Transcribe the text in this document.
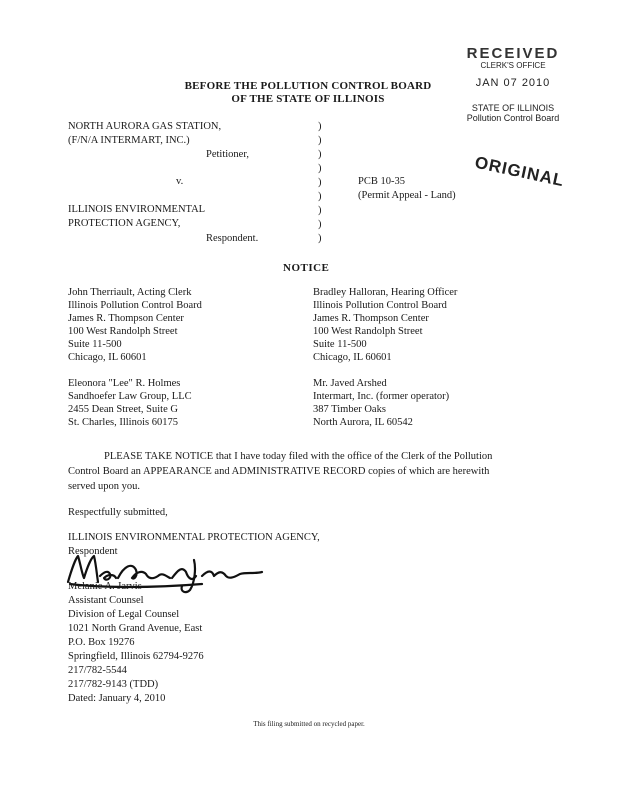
RECEIVED
CLERK'S OFFICE
JAN 07 2010
STATE OF ILLINOIS
Pollution Control Board
ORIGINAL
BEFORE THE POLLUTION CONTROL BOARD
OF THE STATE OF ILLINOIS
NORTH AURORA GAS STATION,
(F/N/A INTERMART, INC.)
Petitioner,
v.
ILLINOIS ENVIRONMENTAL
PROTECTION AGENCY,
Respondent.
PCB 10-35
(Permit Appeal - Land)
)
)
)
)
)
)
)
)
)
NOTICE
John Therriault, Acting Clerk
Illinois Pollution Control Board
James R. Thompson Center
100 West Randolph Street
Suite 11-500
Chicago, IL 60601
Bradley Halloran, Hearing Officer
Illinois Pollution Control Board
James R. Thompson Center
100 West Randolph Street
Suite 11-500
Chicago, IL 60601
Eleonora "Lee" R. Holmes
Sandhoefer Law Group, LLC
2455 Dean Street, Suite G
St. Charles, Illinois 60175
Mr. Javed Arshed
Intermart, Inc. (former operator)
387 Timber Oaks
North Aurora, IL 60542
PLEASE TAKE NOTICE that I have today filed with the office of the Clerk of the Pollution
Control Board an APPEARANCE and ADMINISTRATIVE RECORD copies of which are herewith
served upon you.
Respectfully submitted,
ILLINOIS ENVIRONMENTAL PROTECTION AGENCY,
Respondent
Melanie A. Jarvis
Assistant Counsel
Division of Legal Counsel
1021 North Grand Avenue, East
P.O. Box 19276
Springfield, Illinois 62794-9276
217/782-5544
217/782-9143 (TDD)
Dated: January 4, 2010
This filing submitted on recycled paper.
